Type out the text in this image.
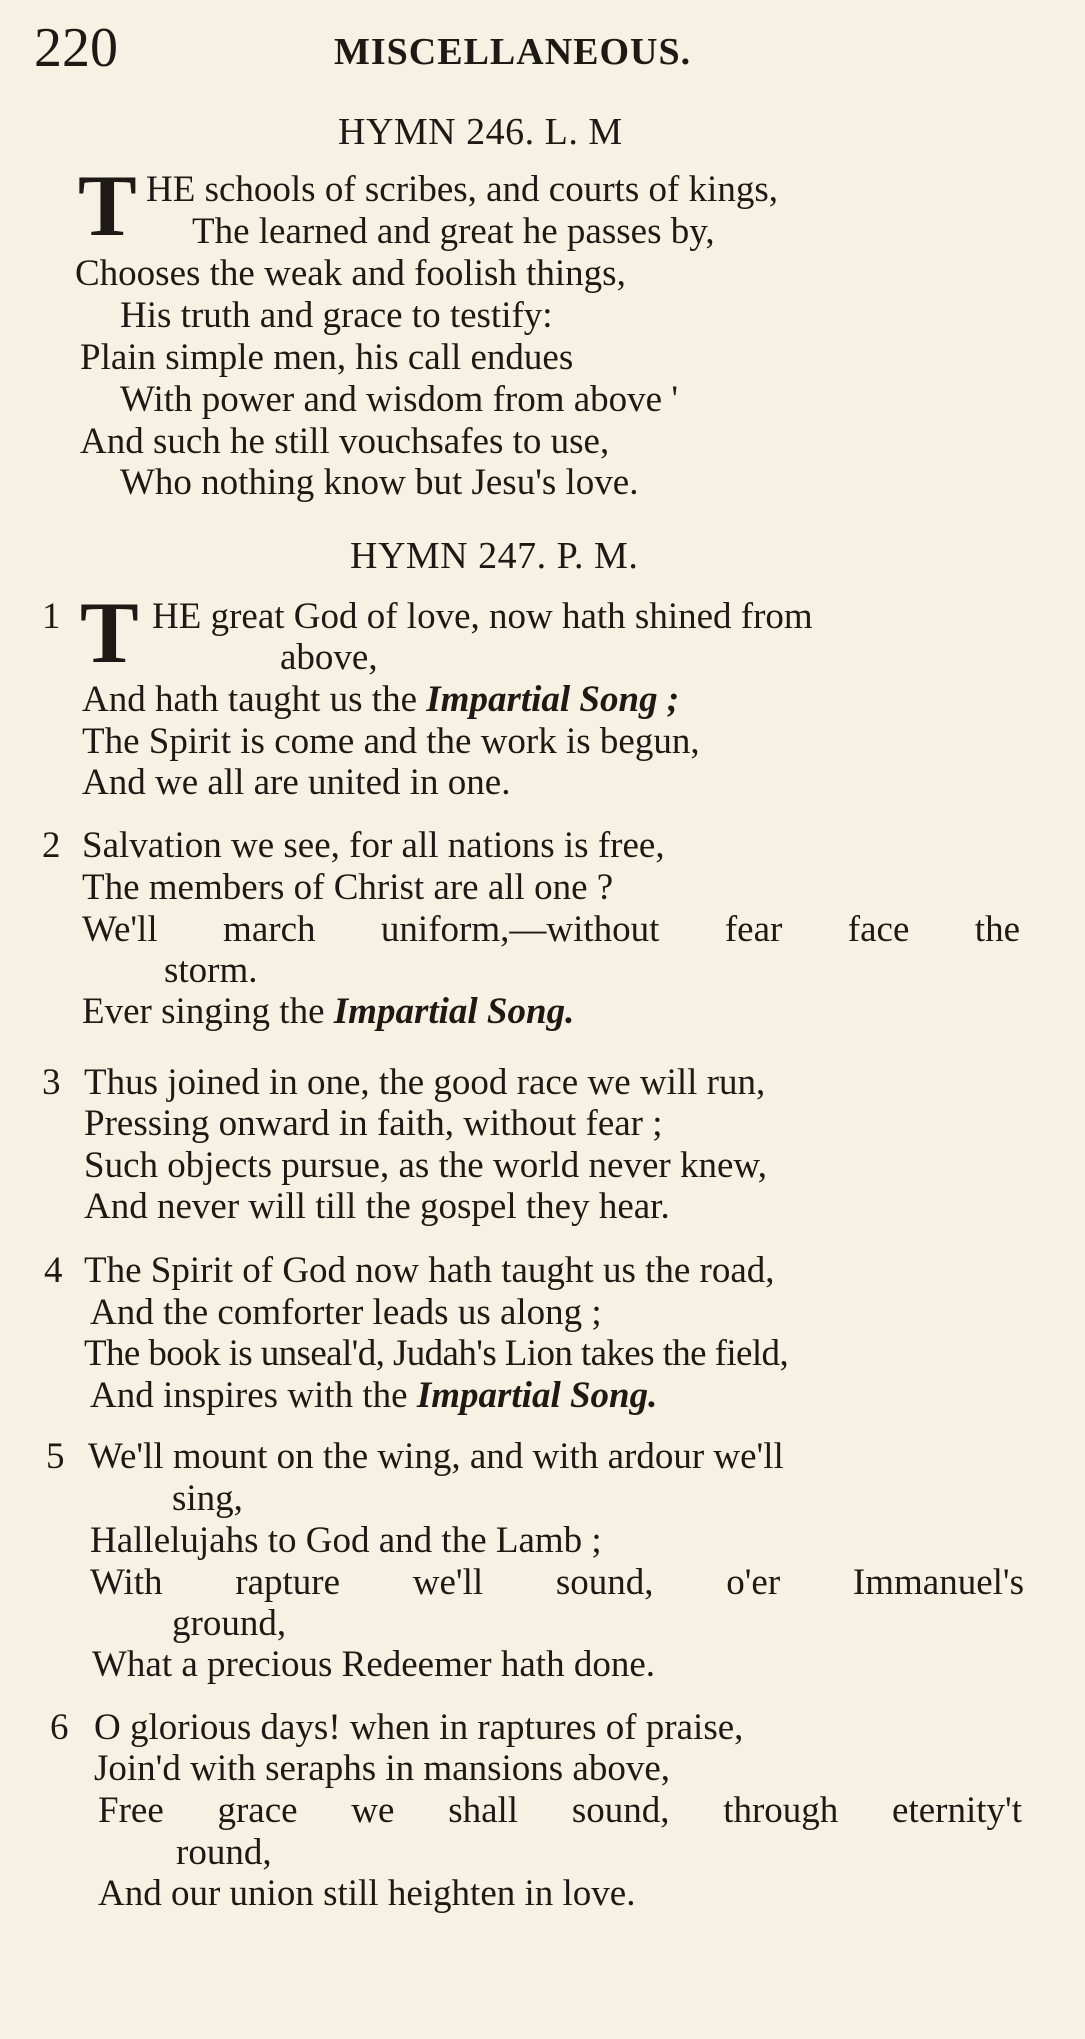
220	MISCELLANEOUS.
HYMN 246. L. M
T HE schools of scribes, and courts of kings,
The learned and great he passes by,
Chooses the weak and foolish things,
His truth and grace to testify:
Plain simple men, his call endues
With power and wisdom from above '
And such he still vouchsafes to use,
Who nothing know but Jesu's love.
HYMN 247. P. M.
1 T HE great God of love, now hath shined from
above,
And hath taught us the Impartial Song ;
The Spirit is come and the work is begun,
And we all are united in one.
2 Salvation we see, for all nations is free,
The members of Christ are all one ?
We'll march uniform,—without fear face the
storm.
Ever singing the Impartial Song.
3 Thus joined in one, the good race we will run,
Pressing onward in faith, without fear ;
Such objects pursue, as the world never knew,
And never will till the gospel they hear.
4 The Spirit of God now hath taught us the road,
And the comforter leads us along ;
The book is unseal'd, Judah's Lion takes the field,
And inspires with the Impartial Song.
5 We'll mount on the wing, and with ardour we'll
sing,
Hallelujahs to God and the Lamb ;
With rapture we'll sound, o'er Immanuel's
ground,
What a precious Redeemer hath done.
6 O glorious days! when in raptures of praise,
Join'd with seraphs in mansions above,
Free grace we shall sound, through eternity't
round,
And our union still heighten in love.
